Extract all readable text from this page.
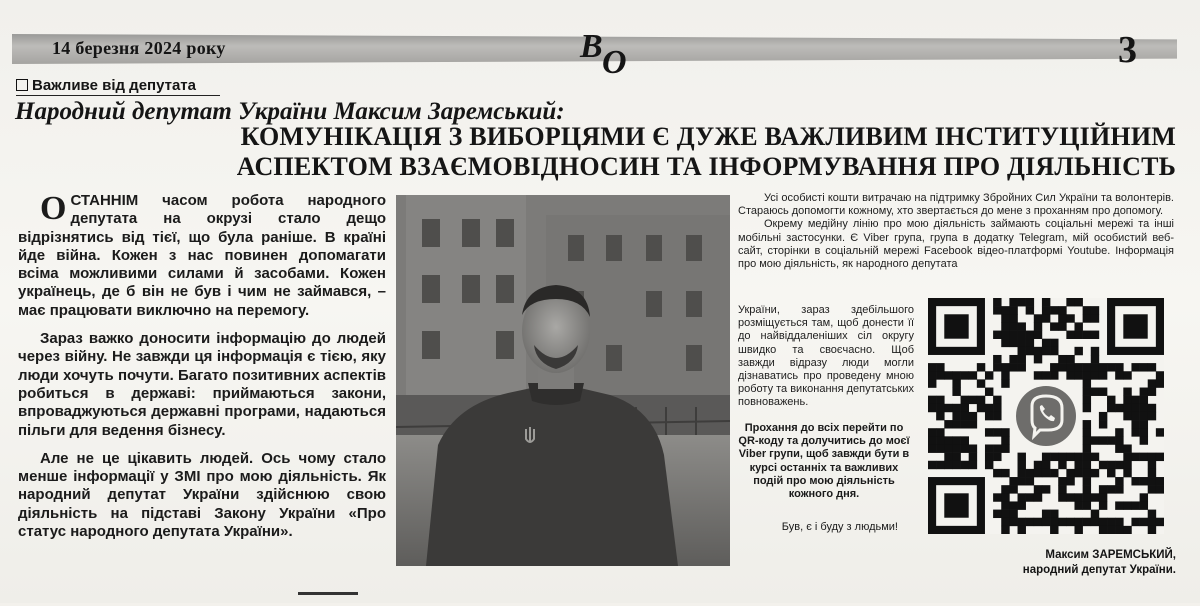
14 березня 2024 року	В О	3
Важливе від депутата
Народний депутат України Максим Заремський:
КОМУНІКАЦІЯ З ВИБОРЦЯМИ Є ДУЖЕ ВАЖЛИВИМ ІНСТИТУЦІЙНИМ
АСПЕКТОМ ВЗАЄМОВІДНОСИН ТА ІНФОРМУВАННЯ ПРО ДІЯЛЬНІСТЬ

ОСТАННІМ часом робота народного депутата на окрузі стало дещо відрізнятись від тієї, що була раніше. В країні йде війна. Кожен з нас повинен допомагати всіма можливими силами й засобами. Кожен українець, де б він не був і чим не займався, – має працювати виключно на перемогу.

Зараз важко доносити інформацію до людей через війну. Не завжди ця інформація є тією, яку люди хочуть почути. Багато позитивних аспектів робиться в державі: приймаються закони, впроваджуються державні програми, надаються пільги для ведення бізнесу.

Але не це цікавить людей. Ось чому стало менше інформації у ЗМІ про мою діяльність. Як народний депутат України здійснюю свою діяльність на підставі Закону України «Про статус народного депутата України».

Усі особисті кошти витрачаю на підтримку Збройних Сил України та волонтерів. Стараюсь допомогти кожному, хто звертається до мене з проханням про допомогу.

Окрему медійну лінію про мою діяльність займають соціальні мережі та інші мобільні застосунки. Є Viber група, група в додатку Telegram, мій особистий веб-сайт, сторінки в соціальній мережі Facebook відео-платформі Youtube. Інформація про мою діяльність, як народного депутата

України, зараз здебільшого розміщується там, щоб донести її до найвіддаленіших сіл округу швидко та своєчасно. Щоб завжди відразу люди могли дізнаватись про проведену мною роботу та виконання депутатських повноважень.

Прохання до всіх перейти по QR-коду та долучитись до моєї Viber групи, щоб завжди бути в курсі останніх та важливих подій про мою діяльність кожного дня.
Був, є і буду з людьми!
Максим ЗАРЕМСЬКИЙ,
народний депутат України.
